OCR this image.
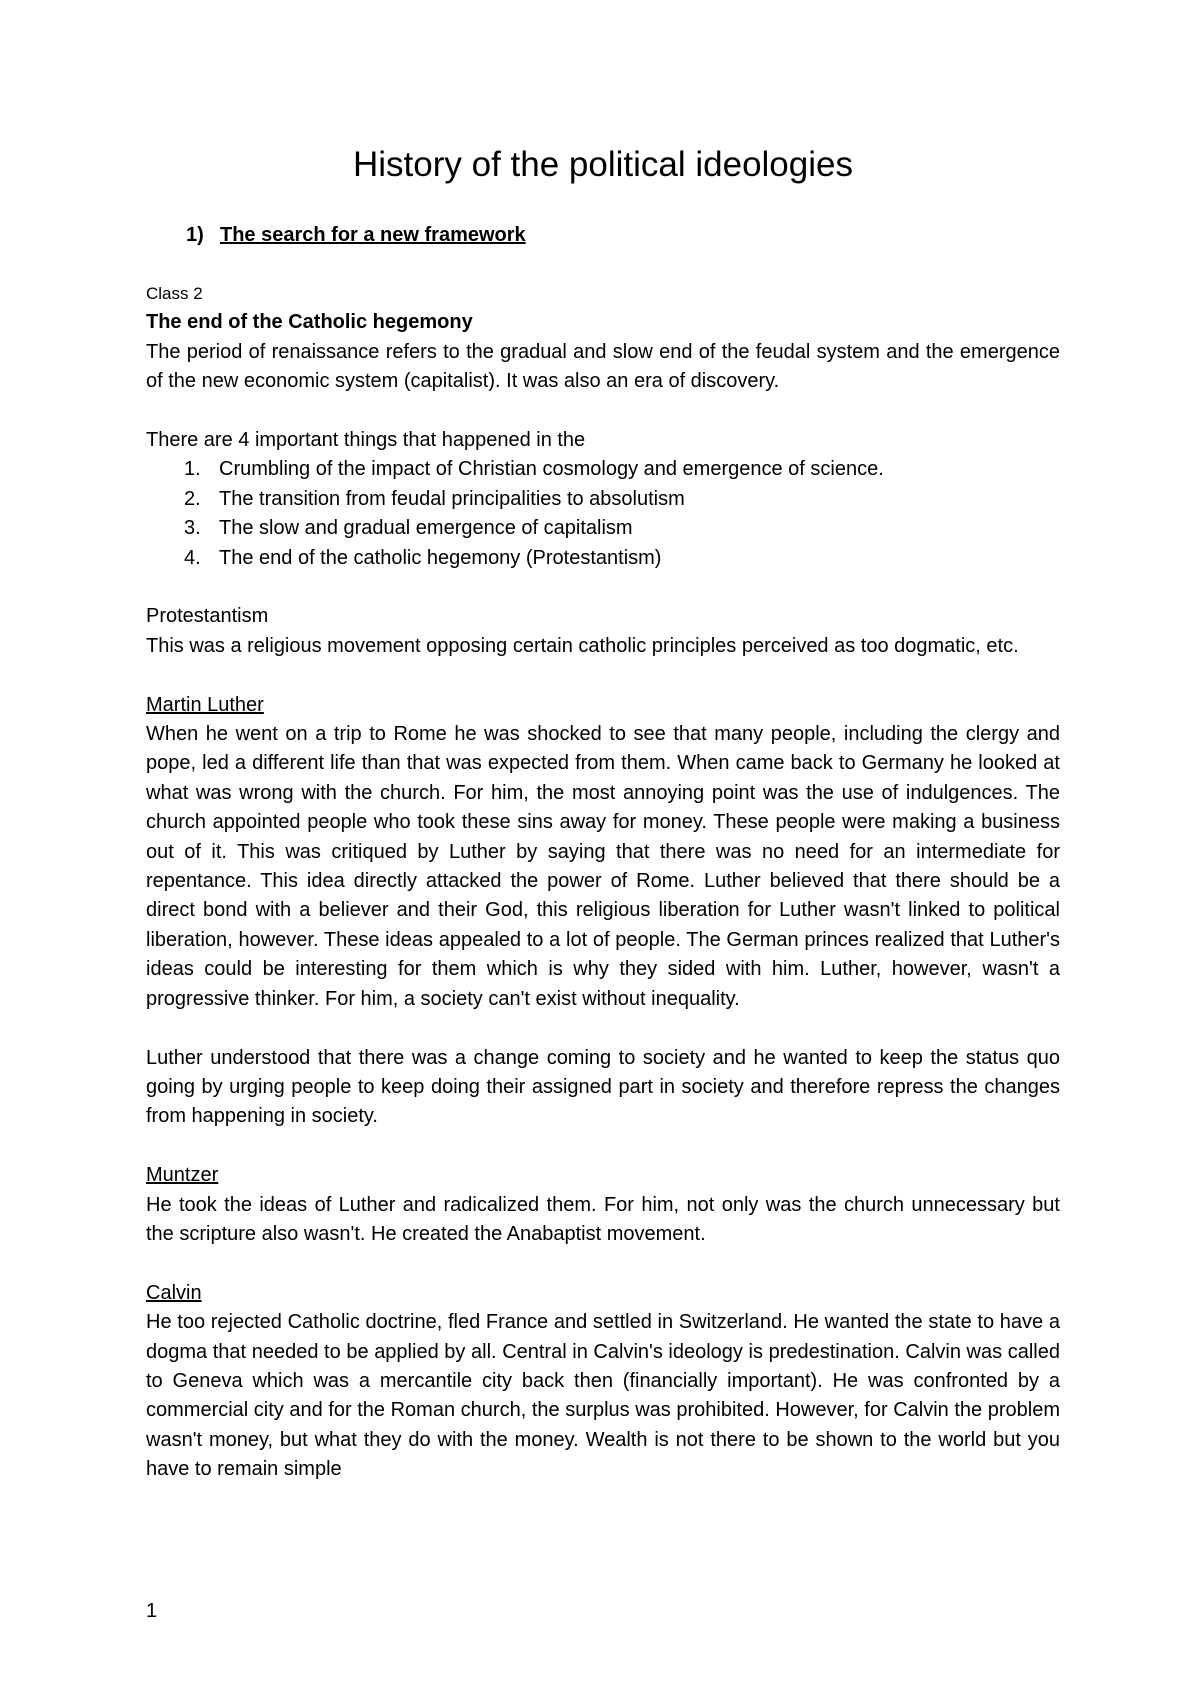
History of the political ideologies
1) The search for a new framework

Class 2

The end of the Catholic hegemony

The period of renaissance refers to the gradual and slow end of the feudal system and the emergence of the new economic system (capitalist). It was also an era of discovery.

There are 4 important things that happened in the

1. Crumbling of the impact of Christian cosmology and emergence of science.
2. The transition from feudal principalities to absolutism
3. The slow and gradual emergence of capitalism
4. The end of the catholic hegemony (Protestantism)

Protestantism

This was a religious movement opposing certain catholic principles perceived as too dogmatic, etc.

Martin Luther

When he went on a trip to Rome he was shocked to see that many people, including the clergy and pope, led a different life than that was expected from them. When came back to Germany he looked at what was wrong with the church. For him, the most annoying point was the use of indulgences. The church appointed people who took these sins away for money. These people were making a business out of it. This was critiqued by Luther by saying that there was no need for an intermediate for repentance. This idea directly attacked the power of Rome. Luther believed that there should be a direct bond with a believer and their God, this religious liberation for Luther wasn't linked to political liberation, however. These ideas appealed to a lot of people. The German princes realized that Luther's ideas could be interesting for them which is why they sided with him. Luther, however, wasn't a progressive thinker. For him, a society can't exist without inequality.

Luther understood that there was a change coming to society and he wanted to keep the status quo going by urging people to keep doing their assigned part in society and therefore repress the changes from happening in society.

Muntzer

He took the ideas of Luther and radicalized them. For him, not only was the church unnecessary but the scripture also wasn't. He created the Anabaptist movement.

Calvin

He too rejected Catholic doctrine, fled France and settled in Switzerland. He wanted the state to have a dogma that needed to be applied by all. Central in Calvin's ideology is predestination. Calvin was called to Geneva which was a mercantile city back then (financially important). He was confronted by a commercial city and for the Roman church, the surplus was prohibited. However, for Calvin the problem wasn't money, but what they do with the money. Wealth is not there to be shown to the world but you have to remain simple

1
